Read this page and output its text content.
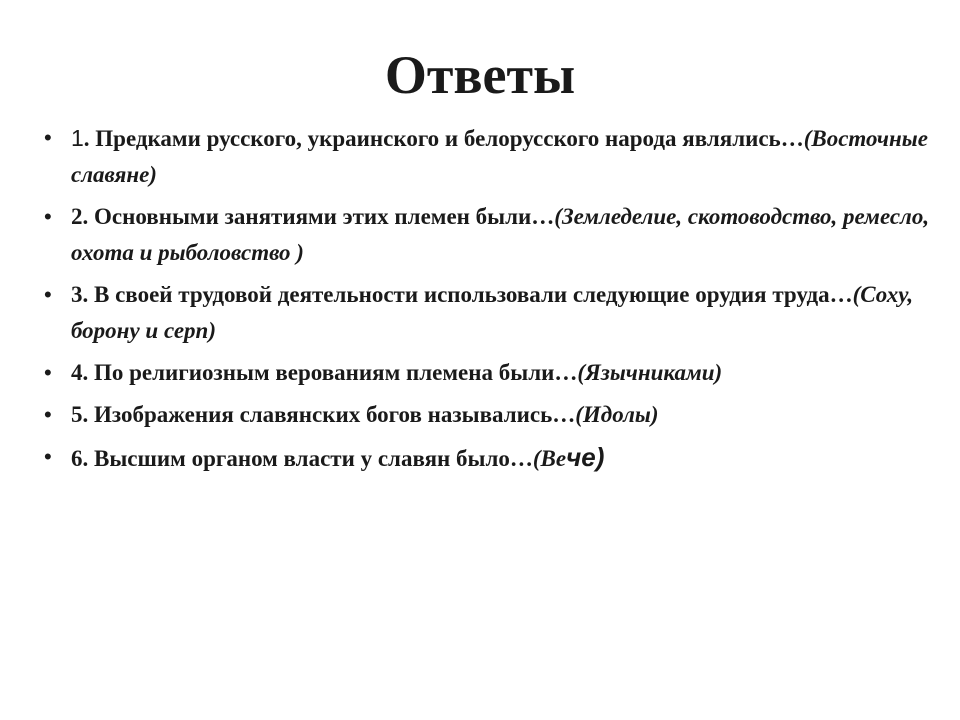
Ответы
• 1. Предками русского, украинского и белорусского народа являлись…(Восточные славяне)
• 2. Основными занятиями этих племен были…(Земледелие, скотоводство, ремесло, охота и рыболовство )
• 3. В своей трудовой деятельности использовали следующие орудия труда…(Соху, борону и серп)
• 4. По религиозным верованиям племена были…(Язычниками)
• 5. Изображения славянских богов назывались…(Идолы)
• 6. Высшим органом власти у славян было…(Вече)
